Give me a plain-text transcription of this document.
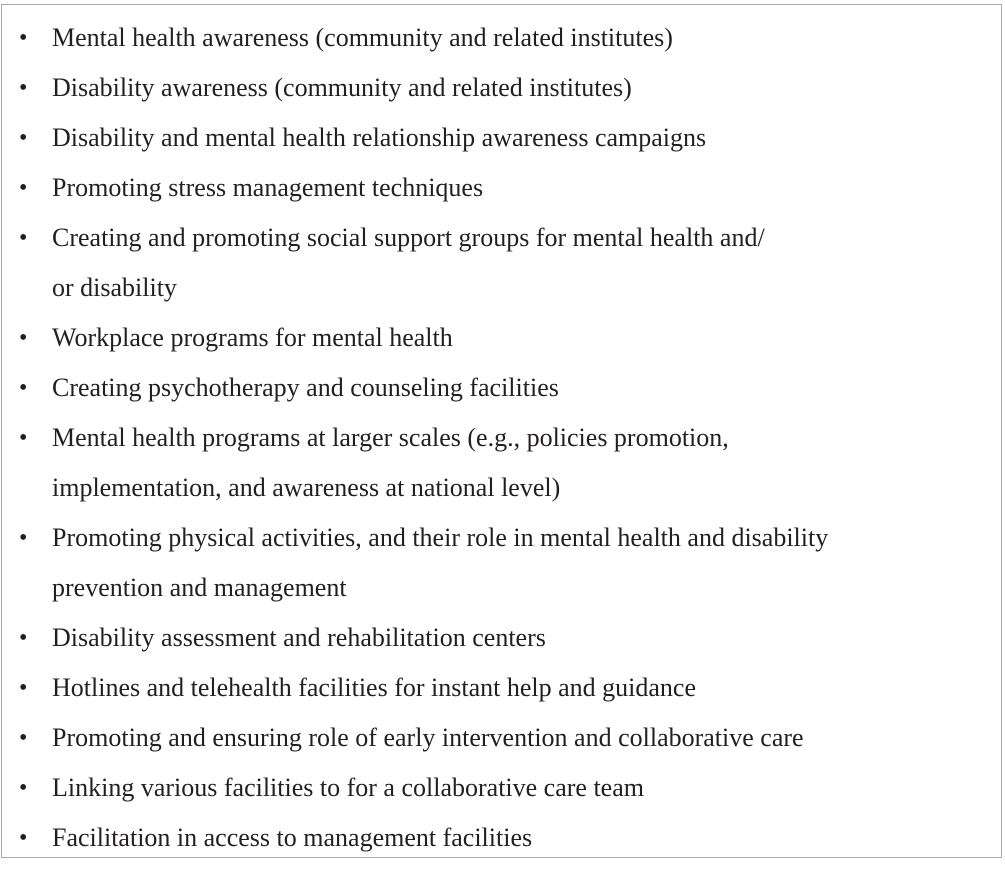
• Mental health awareness (community and related institutes)
• Disability awareness (community and related institutes)
• Disability and mental health relationship awareness campaigns
• Promoting stress management techniques
• Creating and promoting social support groups for mental health and/
or disability
• Workplace programs for mental health
• Creating psychotherapy and counseling facilities
• Mental health programs at larger scales (e.g., policies promotion,
implementation, and awareness at national level)
• Promoting physical activities, and their role in mental health and disability
prevention and management
• Disability assessment and rehabilitation centers
• Hotlines and telehealth facilities for instant help and guidance
• Promoting and ensuring role of early intervention and collaborative care
• Linking various facilities to for a collaborative care team
• Facilitation in access to management facilities
